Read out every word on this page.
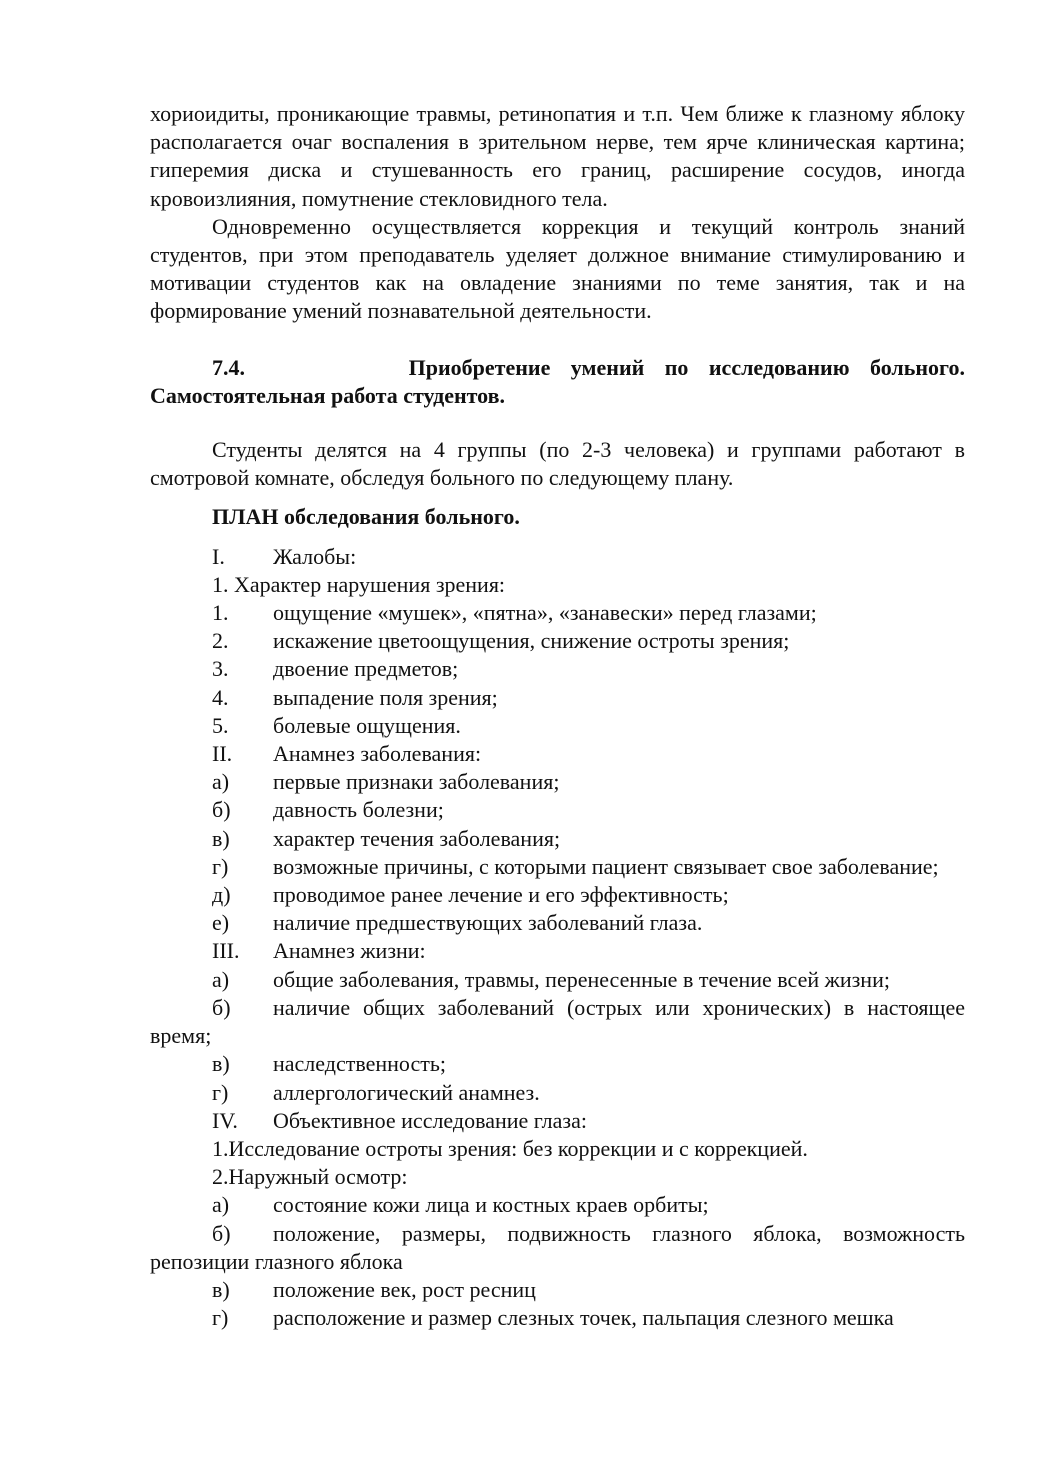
хориоидиты, проникающие травмы, ретинопатия и т.п. Чем ближе к глазному яблоку располагается очаг воспаления в зрительном нерве, тем ярче клиническая картина; гиперемия диска и стушеванность его границ, расширение сосудов, иногда кровоизлияния, помутнение стекловидного тела.

Одновременно осуществляется коррекция и текущий контроль знаний студентов, при этом преподаватель уделяет должное внимание стимулированию и мотивации студентов как на овладение знаниями по теме занятия, так и на формирование умений познавательной деятельности.

7.4.	Приобретение умений по исследованию больного. Самостоятельная работа студентов.

Студенты делятся на 4 группы (по 2-3 человека) и группами работают в смотровой комнате, обследуя больного по следующему плану.

ПЛАН обследования больного.

I. Жалобы:

1. Характер нарушения зрения:

1. ощущение «мушек», «пятна», «занавески» перед глазами;

2. искажение цветоощущения, снижение остроты зрения;

3. двоение предметов;

4. выпадение поля зрения;

5. болевые ощущения.

II. Анамнез заболевания:

а) первые признаки заболевания;

б) давность болезни;

в) характер течения заболевания;

г) возможные причины, с которыми пациент связывает свое заболевание;

д) проводимое ранее лечение и его эффективность;

е) наличие предшествующих заболеваний глаза.

III. Анамнез жизни:

а) общие заболевания, травмы, перенесенные в течение всей жизни;

б) наличие общих заболеваний (острых или хронических) в настоящее время;

в) наследственность;

г) аллергологический анамнез.

IV. Объективное исследование глаза:

1.Исследование остроты зрения: без коррекции и с коррекцией.

2.Наружный осмотр:

а) состояние кожи лица и костных краев орбиты;

б) положение, размеры, подвижность глазного яблока, возможность репозиции глазного яблока

в) положение век, рост ресниц

г) расположение и размер слезных точек, пальпация слезного мешка
